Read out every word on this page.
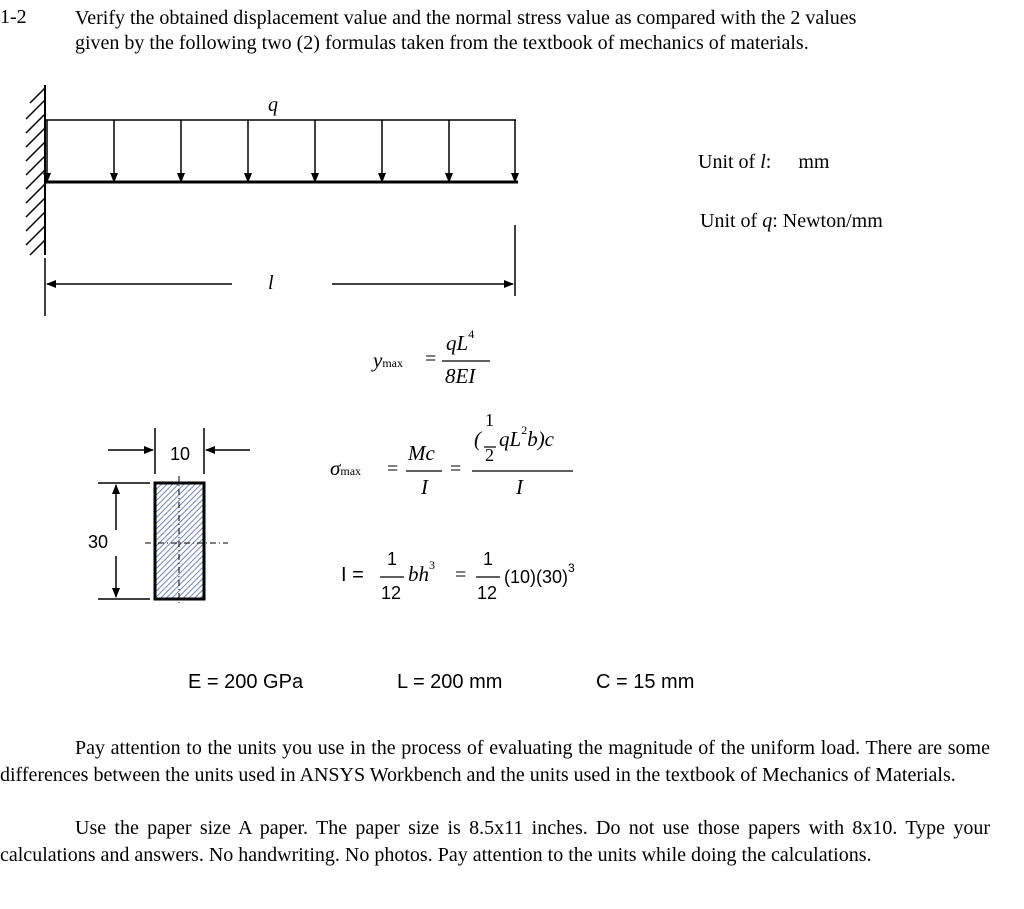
1-2 Verify the obtained displacement value and the normal stress value as compared with the 2 values
given by the following two (2) formulas taken from the textbook of mechanics of materials.
q
l
Unit of l: mm
Unit of q: Newton/mm
ymax =
$qL^4$
8EI
σmax =
Mc
I
=
(
1
2
$qL^2b)c$
I
I =
1
12
$bh^3$ =
1
12
$(10)(30)^3$
10
30
E = 200 GPa	L = 200 mm	C = 15 mm
Pay attention to the units you use in the process of evaluating the magnitude of the uniform load. There are some differences between the units used in ANSYS Workbench and the units used in the textbook of Mechanics of Materials.
Use the paper size A paper. The paper size is 8.5x11 inches. Do not use those papers with 8x10. Type your calculations and answers. No handwriting. No photos. Pay attention to the units while doing the calculations.
